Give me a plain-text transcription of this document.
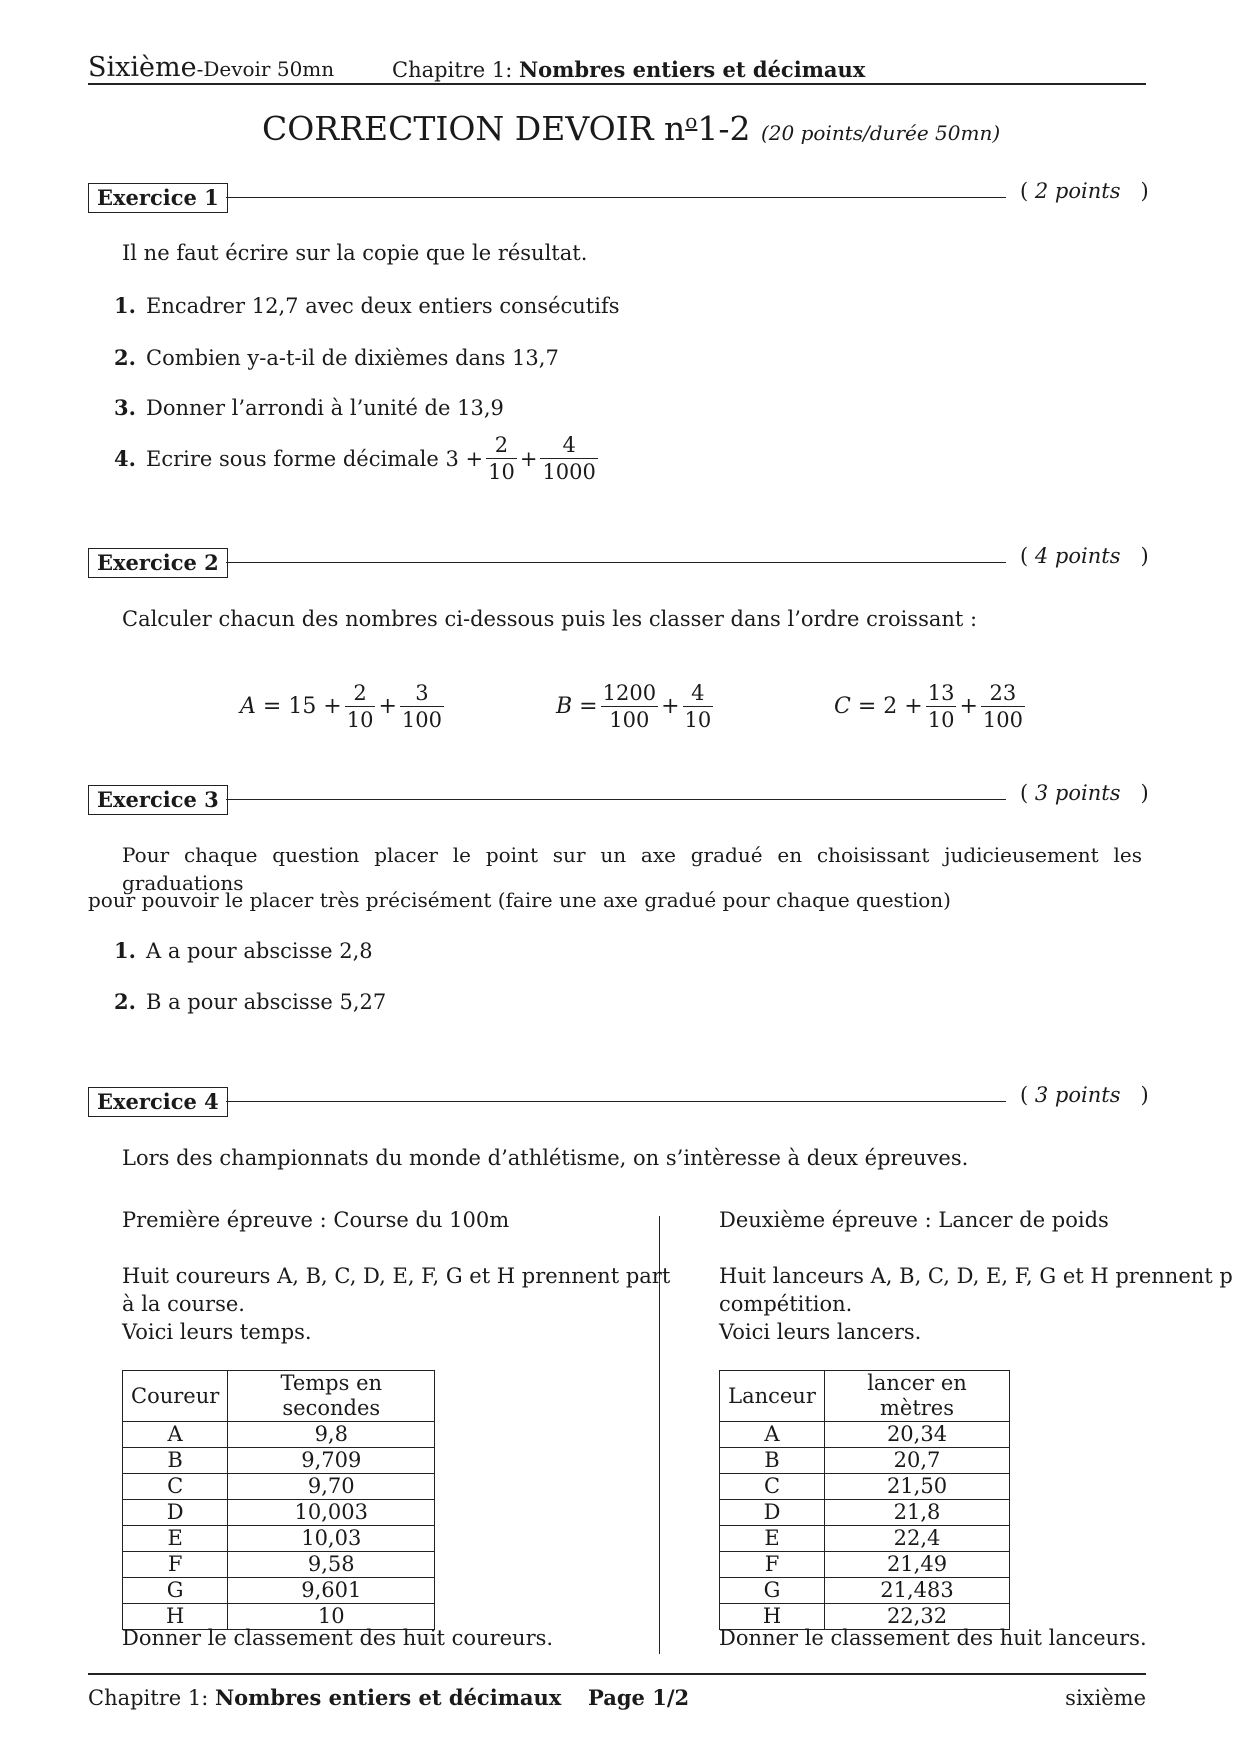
Sixième-Devoir 50mn	Chapitre 1: Nombres entiers et décimaux
CORRECTION DEVOIR $n^o1-2$ (20 points/durée 50mn)
Exercice 1	( 2 points   )
Il ne faut écrire sur la copie que le résultat.
1. Encadrer 12,7 avec deux entiers consécutifs
2. Combien y-a-t-il de dixièmes dans 13,7
3. Donner l’arrondi à l’unité de 13,9
4. Ecrire sous forme décimale $3 + \frac{2}{10} + \frac{4}{1000}$
Exercice 2	( 4 points   )
Calculer chacun des nombres ci-dessous puis les classer dans l’ordre croissant :
A
= $15 + \frac{2}{10} + \frac{3}{100}$	B
= $\frac{1200}{100} + \frac{4}{10}$	C
= $2 + \frac{13}{10} + \frac{23}{100}$
Exercice 3	( 3 points   )
Pour chaque question placer le point sur un axe gradué en choisissant judicieusement les graduations
pour pouvoir le placer très précisément (faire une axe gradué pour chaque question)
1. A a pour abscisse 2,8
2. B a pour abscisse 5,27
Exercice 4	( 3 points   )
Lors des championnats du monde d’athlétisme, on s’intèresse à deux épreuves.
Première épreuve : Course du 100m
Huit coureurs A, B, C, D, E, F, G et H prennent part
à la course.
Voici leurs temps.
Coureur	Temps en secondes
A	9,8
B	9,709
C	9,70
D	10,003
E	10,03
F	9,58
G	9,601
H	10
Donner le classement des huit coureurs.
Deuxième épreuve : Lancer de poids
Huit lanceurs A, B, C, D, E, F, G et H prennent p
compétition.
Voici leurs lancers.
Lanceur	lancer en mètres
A	20,34
B	20,7
C	21,50
D	21,8
E	22,4
F	21,49
G	21,483
H	22,32
Donner le classement des huit lanceurs.
Chapitre 1: Nombres entiers et décimaux Page 1/2	sixième
